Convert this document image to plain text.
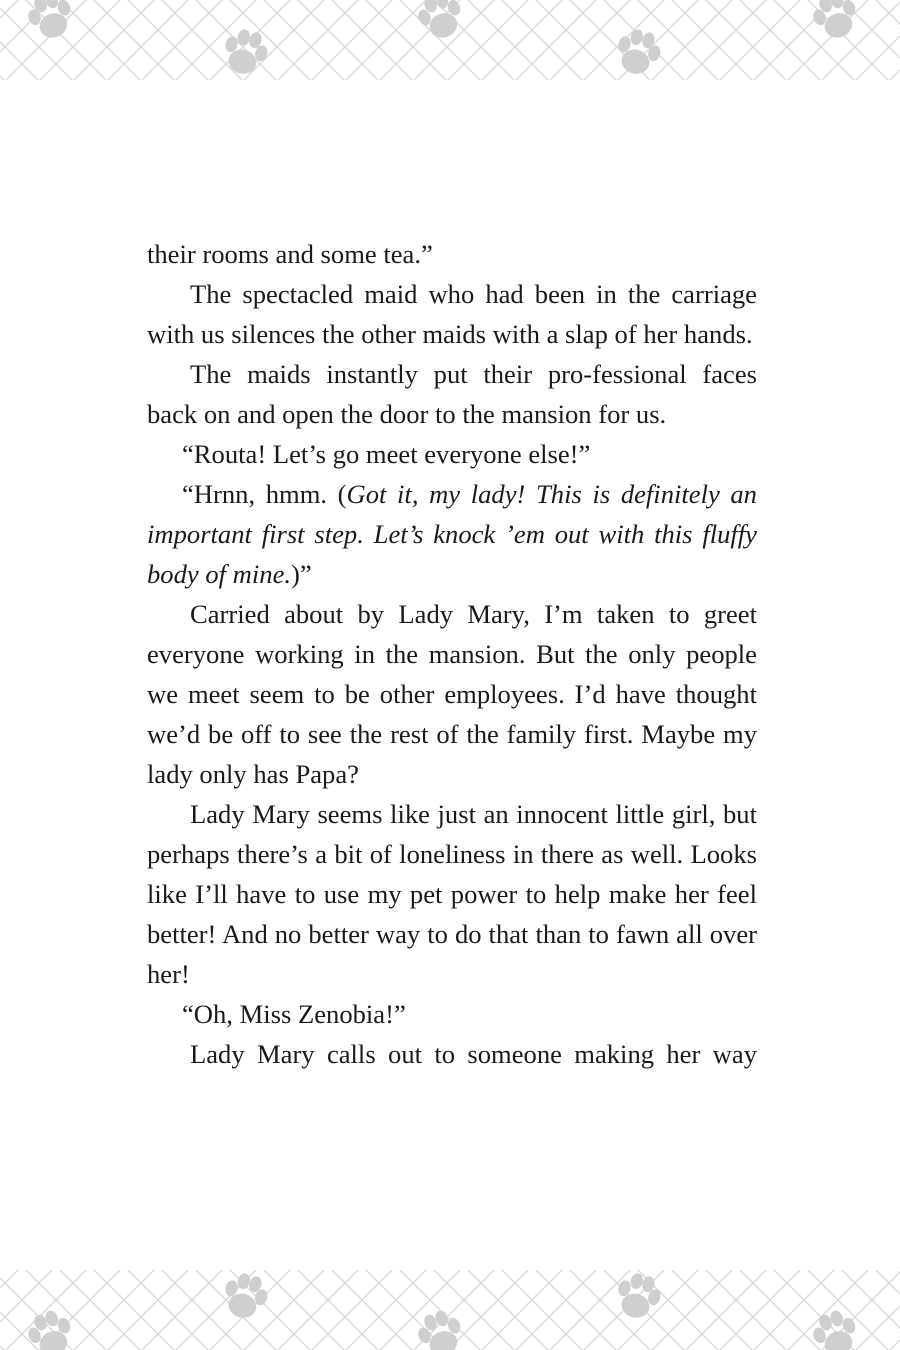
their rooms and some tea.”

The spectacled maid who had been in the carriage with us silences the other maids with a slap of her hands.

The maids instantly put their pro-fessional faces back on and open the door to the mansion for us.

“Routa! Let’s go meet everyone else!”

“Hrnn, hmm. (Got it, my lady! This is definitely an important first step. Let’s knock ’em out with this fluffy body of mine.)”

Carried about by Lady Mary, I’m taken to greet everyone working in the mansion. But the only people we meet seem to be other employees. I’d have thought we’d be off to see the rest of the family first. Maybe my lady only has Papa?

Lady Mary seems like just an innocent little girl, but perhaps there’s a bit of loneliness in there as well. Looks like I’ll have to use my pet power to help make her feel better! And no better way to do that than to fawn all over her!

“Oh, Miss Zenobia!”

Lady Mary calls out to someone making her way
